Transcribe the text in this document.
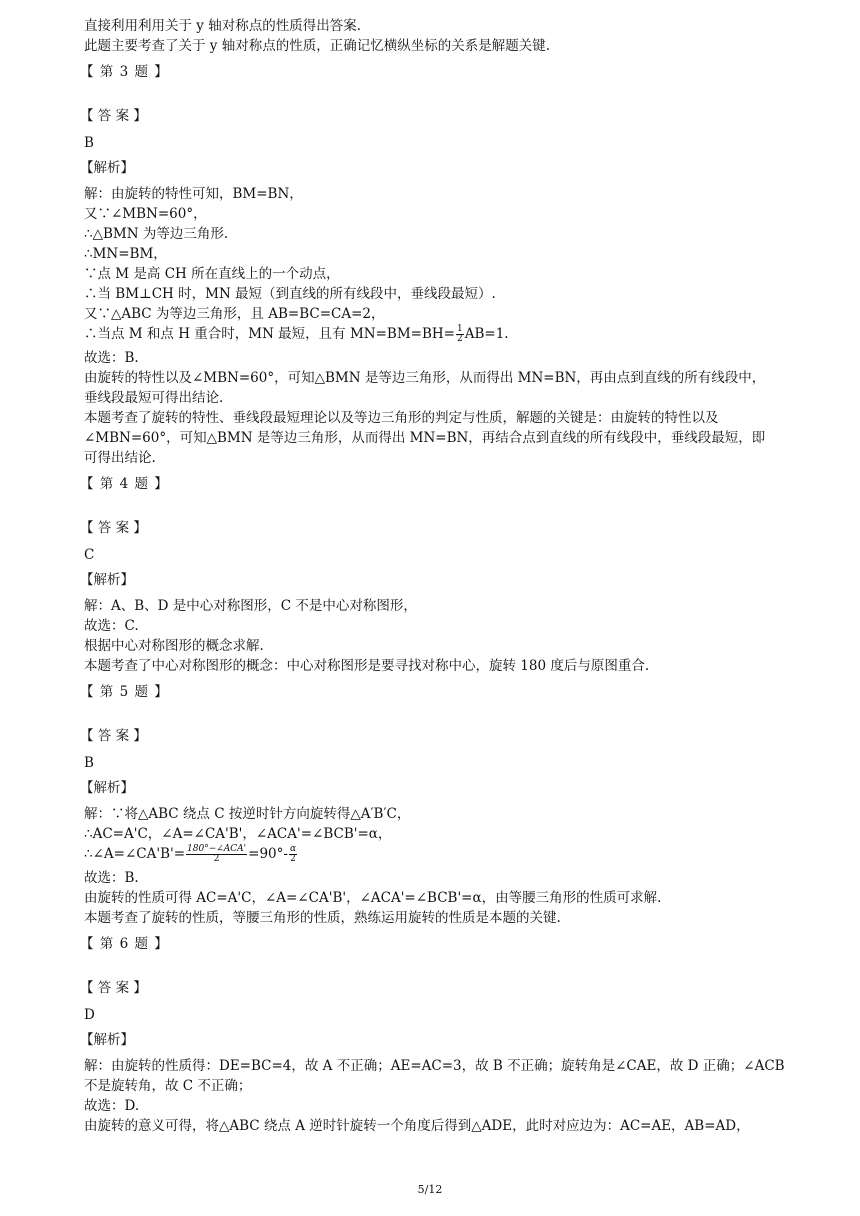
直接利用利用关于 y 轴对称点的性质得出答案.
此题主要考查了关于 y 轴对称点的性质，正确记忆横纵坐标的关系是解题关键.
【 第 3 题 】
【 答 案 】
B
【解析】
解：由旋转的特性可知，BM=BN，
又∵∠MBN=60°，
∴△BMN 为等边三角形.
∴MN=BM，
∵点 M 是高 CH 所在直线上的一个动点，
∴当 BM⊥CH 时，MN 最短（到直线的所有线段中，垂线段最短）.
又∵△ABC 为等边三角形，且 AB=BC=CA=2，
∴当点 M 和点 H 重合时，MN 最短，且有 $MN=BM=BH= \frac{1}{2} AB=1$.
故选：B.
由旋转的特性以及∠MBN=60°，可知△BMN 是等边三角形，从而得出 MN=BN，再由点到直线的所有线段中，
垂线段最短可得出结论.
本题考查了旋转的特性、垂线段最短理论以及等边三角形的判定与性质，解题的关键是：由旋转的特性以及
∠MBN=60°，可知△BMN 是等边三角形，从而得出 MN=BN，再结合点到直线的所有线段中，垂线段最短，即
可得出结论.
【 第 4 题 】
【 答 案 】
C
【解析】
解：A、B、D 是中心对称图形，C 不是中心对称图形，
故选：C.
根据中心对称图形的概念求解.
本题考查了中心对称图形的概念：中心对称图形是要寻找对称中心，旋转 180 度后与原图重合.
【 第 5 题 】
【 答 案 】
B
【解析】
解：∵将△ABC 绕点 C 按逆时针方向旋转得△A′B′C，
∴AC=A'C，∠A=∠CA'B'，∠ACA'=∠BCB'=α，
∴∠A=∠CA'B'= $\frac{\text{180°−∠ACA'}}{2} =90^\circ- \frac{\alpha}{2}$
故选：B.
由旋转的性质可得 AC=A'C，∠A=∠CA'B'，∠ACA'=∠BCB'=α，由等腰三角形的性质可求解.
本题考查了旋转的性质，等腰三角形的性质，熟练运用旋转的性质是本题的关键.
【 第 6 题 】
【 答 案 】
D
【解析】
解：由旋转的性质得：DE=BC=4，故 A 不正确；AE=AC=3，故 B 不正确；旋转角是∠CAE，故 D 正确；∠ACB
不是旋转角，故 C 不正确；
故选：D.
由旋转的意义可得，将△ABC 绕点 A 逆时针旋转一个角度后得到△ADE，此时对应边为：AC=AE，AB=AD，
5/12
